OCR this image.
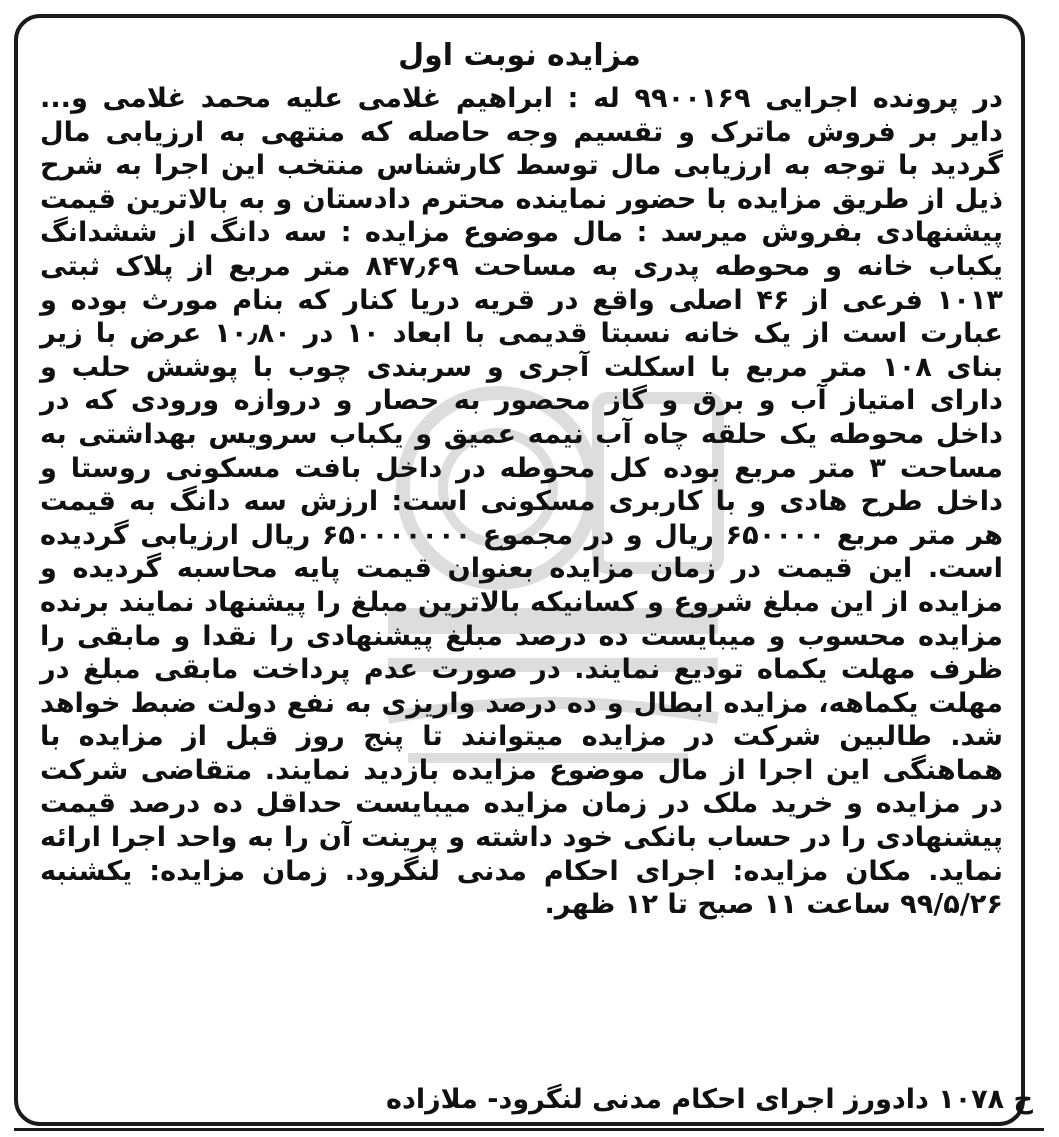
مزایده نوبت اول

در پرونده اجرایی ۹۹۰۰۱۶۹ له : ابراهیم غلامی علیه محمد غلامی و... دایر بر فروش ماترک و تقسیم وجه حاصله که منتهی به ارزیابی مال گردید با توجه به ارزیابی مال توسط کارشناس منتخب این اجرا به شرح ذیل از طریق مزایده با حضور نماینده محترم دادستان و به بالاترین قیمت پیشنهادی بفروش میرسد : مال موضوع مزایده : سه دانگ از ششدانگ یکباب خانه و محوطه پدری به مساحت ۸۴۷٫۶۹ متر مربع از پلاک ثبتی ۱۰۱۳ فرعی از ۴۶ اصلی واقع در قریه دریا کنار که بنام مورث بوده و عبارت است از یک خانه نسبتا قدیمی با ابعاد ۱۰ در ۱۰٫۸۰ عرض با زیر بنای ۱۰۸ متر مربع با اسکلت آجری و سربندی چوب با پوشش حلب و دارای امتیاز آب و برق و گاز محصور به حصار و دروازه ورودی که در داخل محوطه یک حلقه چاه آب نیمه عمیق و یکباب سرویس بهداشتی به مساحت ۳ متر مربع بوده کل محوطه در داخل بافت مسکونی روستا و داخل طرح هادی و با کاربری مسکونی است: ارزش سه دانگ به قیمت هر متر مربع ۶۵۰۰۰۰ ریال و در مجموع ۶۵۰۰۰۰۰۰۰ ریال ارزیابی گردیده است. این قیمت در زمان مزایده بعنوان قیمت پایه محاسبه گردیده و مزایده از این مبلغ شروع و کسانیکه بالاترین مبلغ را پیشنهاد نمایند برنده مزایده محسوب و میبایست ده درصد مبلغ پیشنهادی را نقدا و مابقی را ظرف مهلت یکماه توديع نمايند. در صورت عدم پرداخت مابقی مبلغ در مهلت یکماهه، مزایده ابطال و ده درصد واریزی به نفع دولت ضبط خواهد شد. طالبین شرکت در مزایده میتوانند تا پنج روز قبل از مزایده با هماهنگی این اجرا از مال موضوع مزایده بازدید نمایند. متقاضی شرکت در مزایده و خرید ملک در زمان مزایده میبایست حداقل ده درصد قیمت پیشنهادی را در حساب بانکی خود داشته و پرینت آن را به واحد اجرا ارائه نماید. مکان مزایده: اجرای احکام مدنی لنگرود. زمان مزایده: یکشنبه ۹۹/۵/۲۶ ساعت ۱۱ صبح تا ۱۲ ظهر.

ح ۱۰۷۸ دادورز اجرای احکام مدنی لنگرود- ملازاده
